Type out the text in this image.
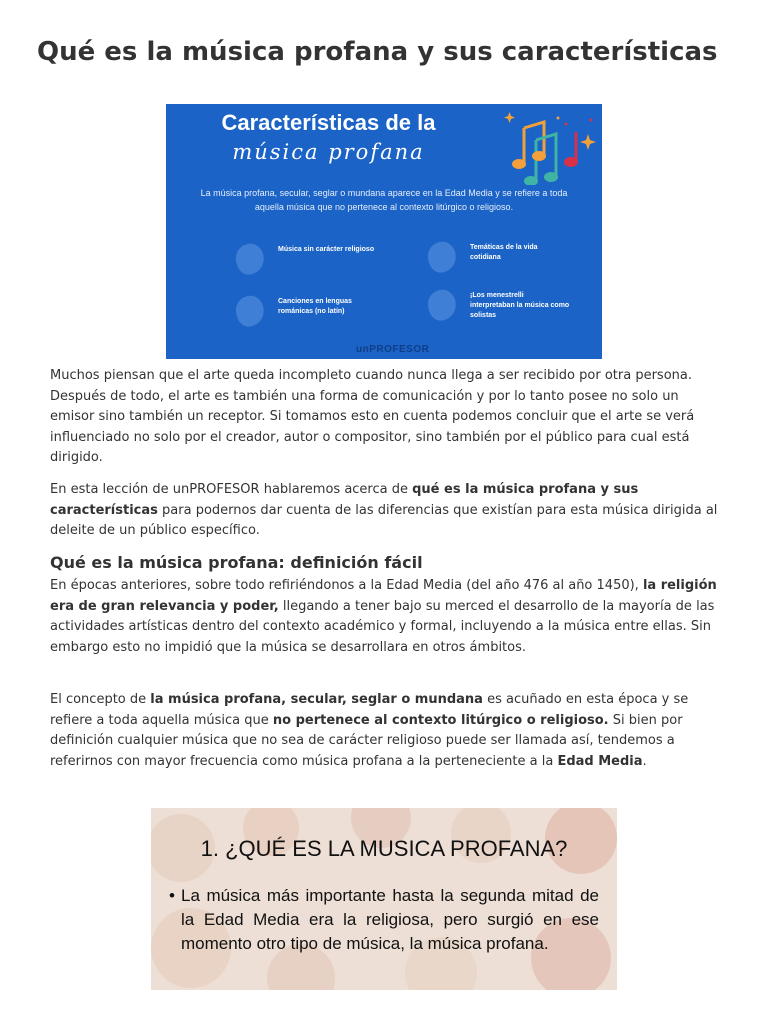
Qué es la música profana y sus características
Características de la
música profana
La música profana, secular, seglar o mundana aparece en la Edad Media y se refiere a toda aquella música que no pertenece al contexto litúrgico o religioso.
Música sin carácter religioso	Temáticas de la vida cotidiana
Canciones en lenguas románicas (no latín)
¡Los menestrelli interpretaban la música como solistas
unPROFESOR

Muchos piensan que el arte queda incompleto cuando nunca llega a ser recibido por otra persona. Después de todo, el arte es también una forma de comunicación y por lo tanto posee no solo un emisor sino también un receptor. Si tomamos esto en cuenta podemos concluir que el arte se verá influenciado no solo por el creador, autor o compositor, sino también por el público para cual está dirigido.

En esta lección de unPROFESOR hablaremos acerca de qué es la música profana y sus características para podernos dar cuenta de las diferencias que existían para esta música dirigida al deleite de un público específico.

Qué es la música profana: definición fácil

En épocas anteriores, sobre todo refiriéndonos a la Edad Media (del año 476 al año 1450), la religión era de gran relevancia y poder, llegando a tener bajo su merced el desarrollo de la mayoría de las actividades artísticas dentro del contexto académico y formal, incluyendo a la música entre ellas. Sin embargo esto no impidió que la música se desarrollara en otros ámbitos.

El concepto de la música profana, secular, seglar o mundana es acuñado en esta época y se refiere a toda aquella música que no pertenece al contexto litúrgico o religioso. Si bien por definición cualquier música que no sea de carácter religioso puede ser llamada así, tendemos a referirnos con mayor frecuencia como música profana a la perteneciente a la Edad Media.

1. ¿QUÉ ES LA MUSICA PROFANA?
• La música más importante hasta la segunda mitad de la Edad Media era la religiosa, pero surgió en ese momento otro tipo de música, la música profana.
